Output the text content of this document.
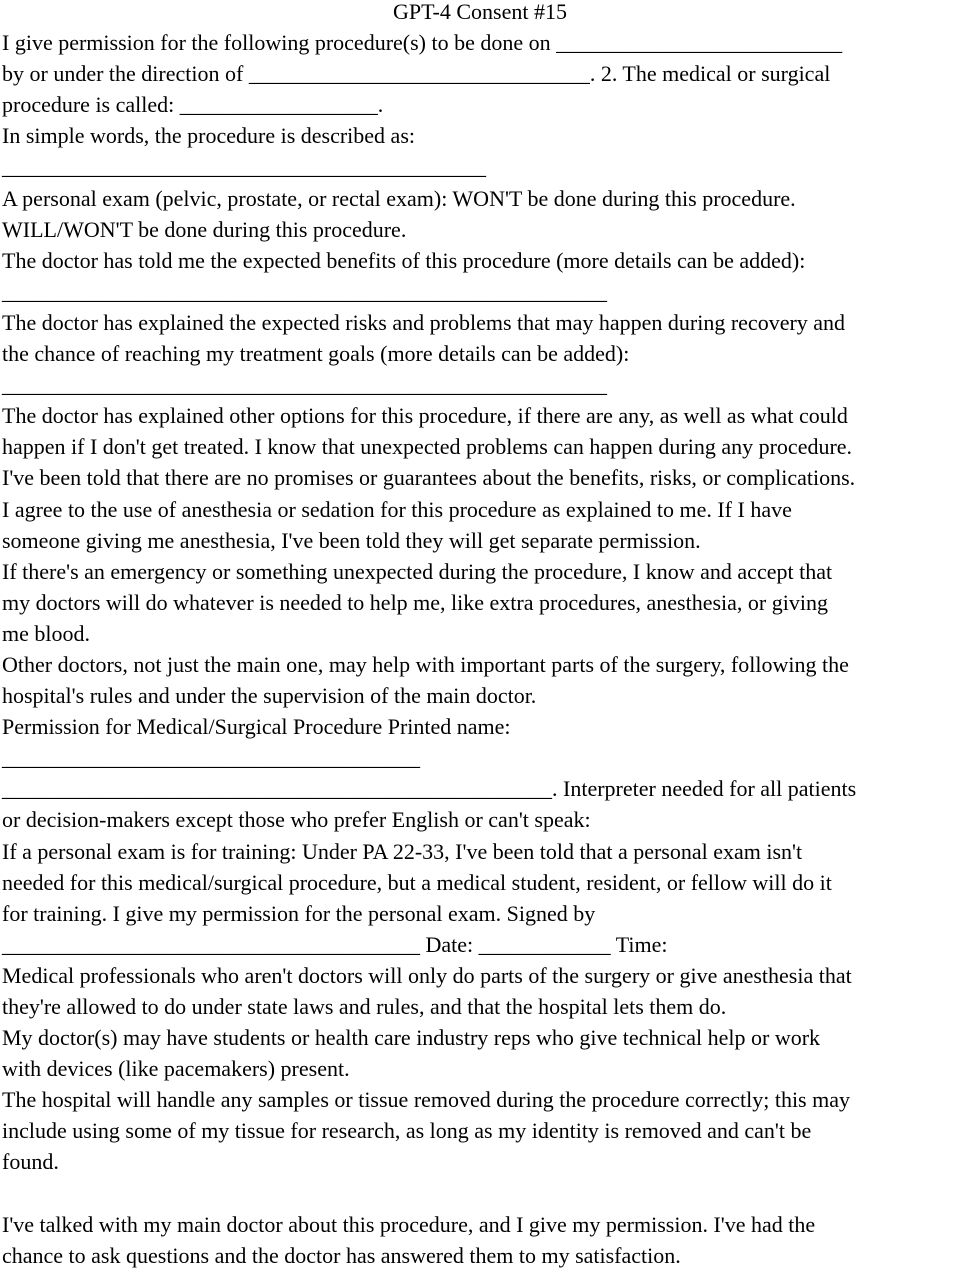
GPT-4 Consent #15
I give permission for the following procedure(s) to be done on __________________________
by or under the direction of _______________________________. 2. The medical or surgical
procedure is called: __________________.
In simple words, the procedure is described as:
____________________________________________
A personal exam (pelvic, prostate, or rectal exam): WON'T be done during this procedure.
WILL/WON'T be done during this procedure.
The doctor has told me the expected benefits of this procedure (more details can be added):
_______________________________________________________
The doctor has explained the expected risks and problems that may happen during recovery and
the chance of reaching my treatment goals (more details can be added):
_______________________________________________________
The doctor has explained other options for this procedure, if there are any, as well as what could
happen if I don't get treated. I know that unexpected problems can happen during any procedure.
I've been told that there are no promises or guarantees about the benefits, risks, or complications.
I agree to the use of anesthesia or sedation for this procedure as explained to me. If I have
someone giving me anesthesia, I've been told they will get separate permission.
If there's an emergency or something unexpected during the procedure, I know and accept that
my doctors will do whatever is needed to help me, like extra procedures, anesthesia, or giving
me blood.
Other doctors, not just the main one, may help with important parts of the surgery, following the
hospital's rules and under the supervision of the main doctor.
Permission for Medical/Surgical Procedure Printed name:
______________________________________
__________________________________________________. Interpreter needed for all patients
or decision-makers except those who prefer English or can't speak:
If a personal exam is for training: Under PA 22-33, I've been told that a personal exam isn't
needed for this medical/surgical procedure, but a medical student, resident, or fellow will do it
for training. I give my permission for the personal exam. Signed by
______________________________________ Date: ____________ Time:
Medical professionals who aren't doctors will only do parts of the surgery or give anesthesia that
they're allowed to do under state laws and rules, and that the hospital lets them do.
My doctor(s) may have students or health care industry reps who give technical help or work
with devices (like pacemakers) present.
The hospital will handle any samples or tissue removed during the procedure correctly; this may
include using some of my tissue for research, as long as my identity is removed and can't be
found.
I've talked with my main doctor about this procedure, and I give my permission. I've had the
chance to ask questions and the doctor has answered them to my satisfaction.
